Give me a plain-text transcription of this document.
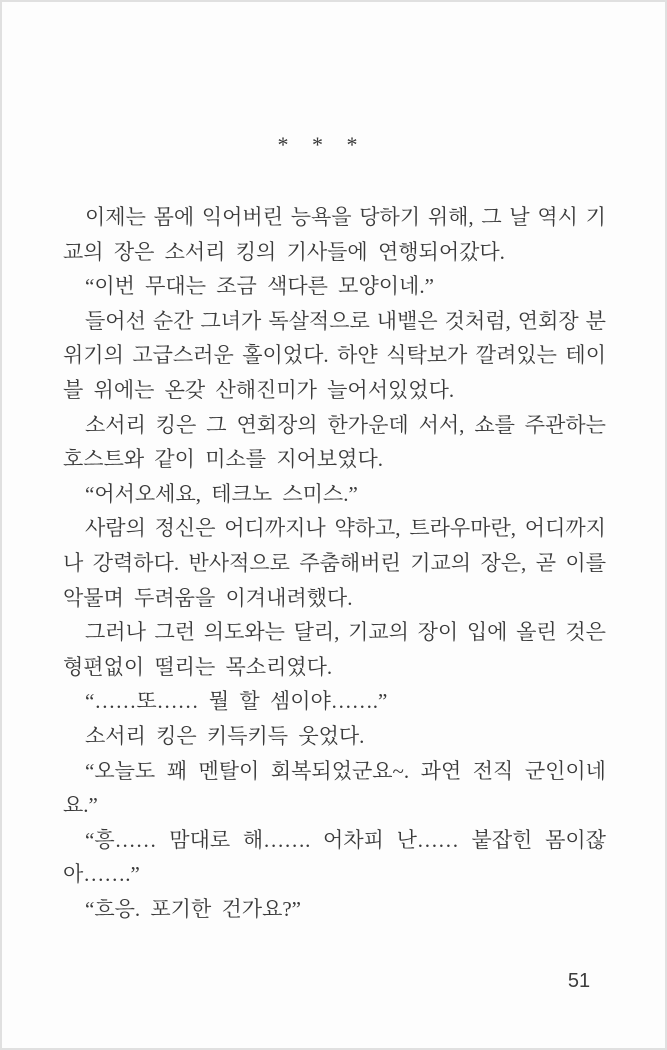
* * *
이제는 몸에 익어버린 능욕을 당하기 위해, 그 날 역시 기
교의 장은 소서리 킹의 기사들에 연행되어갔다.
“이번 무대는 조금 색다른 모양이네.”
들어선 순간 그녀가 독살적으로 내뱉은 것처럼, 연회장 분
위기의 고급스러운 홀이었다. 하얀 식탁보가 깔려있는 테이
블 위에는 온갖 산해진미가 늘어서있었다.
소서리 킹은 그 연회장의 한가운데 서서, 쇼를 주관하는
호스트와 같이 미소를 지어보였다.
“어서오세요, 테크노 스미스.”
사람의 정신은 어디까지나 약하고, 트라우마란, 어디까지
나 강력하다. 반사적으로 주춤해버린 기교의 장은, 곧 이를
악물며 두려움을 이겨내려했다.
그러나 그런 의도와는 달리, 기교의 장이 입에 올린 것은
형편없이 떨리는 목소리였다.
“……또…… 뭘 할 셈이야…….”
소서리 킹은 키득키득 웃었다.
“오늘도 꽤 멘탈이 회복되었군요~. 과연 전직 군인이네
요.”
“흥…… 맘대로 해……. 어차피 난…… 붙잡힌 몸이잖
아…….”
“흐응. 포기한 건가요?”
51
